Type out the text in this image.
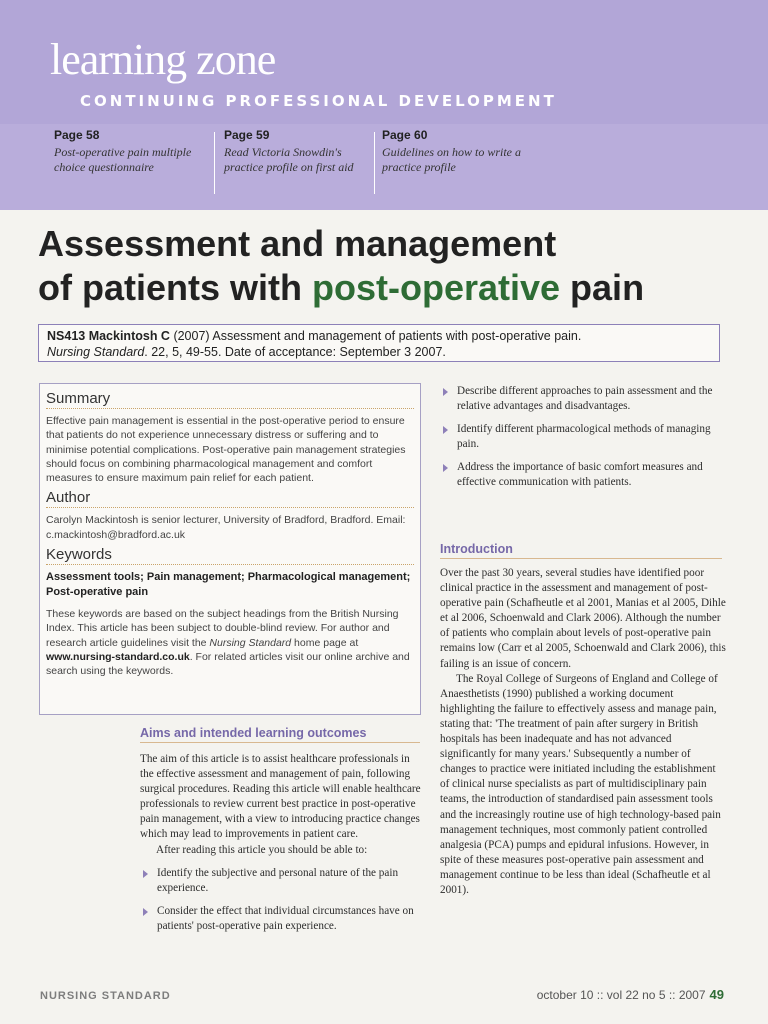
learning zone
CONTINUING PROFESSIONAL DEVELOPMENT
Page 58
Post-operative pain multiple choice questionnaire
Page 59
Read Victoria Snowdin's practice profile on first aid
Page 60
Guidelines on how to write a practice profile
Assessment and management
of patients with post-operative pain
NS413 Mackintosh C (2007) Assessment and management of patients with post-operative pain.
Nursing Standard. 22, 5, 49-55. Date of acceptance: September 3 2007.
Summary

Effective pain management is essential in the post-operative period to ensure that patients do not experience unnecessary distress or suffering and to minimise potential complications. Post-operative pain management strategies should focus on combining pharmacological management and comfort measures to ensure maximum pain relief for each patient.

Author

Carolyn Mackintosh is senior lecturer, University of Bradford, Bradford. Email: c.mackintosh@bradford.ac.uk

Keywords

Assessment tools; Pain management; Pharmacological management; Post-operative pain

These keywords are based on the subject headings from the British Nursing Index. This article has been subject to double-blind review. For author and research article guidelines visit the Nursing Standard home page at www.nursing-standard.co.uk. For related articles visit our online archive and search using the keywords.

Aims and intended learning outcomes

The aim of this article is to assist healthcare professionals in the effective assessment and management of pain, following surgical procedures. Reading this article will enable healthcare professionals to review current best practice in post-operative pain management, with a view to introducing practice changes which may lead to improvements in patient care.

After reading this article you should be able to:

Identify the subjective and personal nature of the pain experience.
Consider the effect that individual circumstances have on patients' post-operative pain experience.
Describe different approaches to pain assessment and the relative advantages and disadvantages.
Identify different pharmacological methods of managing pain.
Address the importance of basic comfort measures and effective communication with patients.
Introduction

Over the past 30 years, several studies have identified poor clinical practice in the assessment and management of post-operative pain (Schafheutle et al 2001, Manias et al 2005, Dihle et al 2006, Schoenwald and Clark 2006). Although the number of patients who complain about levels of post-operative pain remains low (Carr et al 2005, Schoenwald and Clark 2006), this failing is an issue of concern.

The Royal College of Surgeons of England and College of Anaesthetists (1990) published a working document highlighting the failure to effectively assess and manage pain, stating that: 'The treatment of pain after surgery in British hospitals has been inadequate and has not advanced significantly for many years.' Subsequently a number of changes to practice were initiated including the establishment of clinical nurse specialists as part of multidisciplinary pain teams, the introduction of standardised pain assessment tools and the increasingly routine use of high technology-based pain management techniques, most commonly patient controlled analgesia (PCA) pumps and epidural infusions. However, in spite of these measures post-operative pain assessment and management continue to be less than ideal (Schafheutle et al 2001).

NURSING STANDARD	october 10 :: vol 22 no 5 :: 2007 49
